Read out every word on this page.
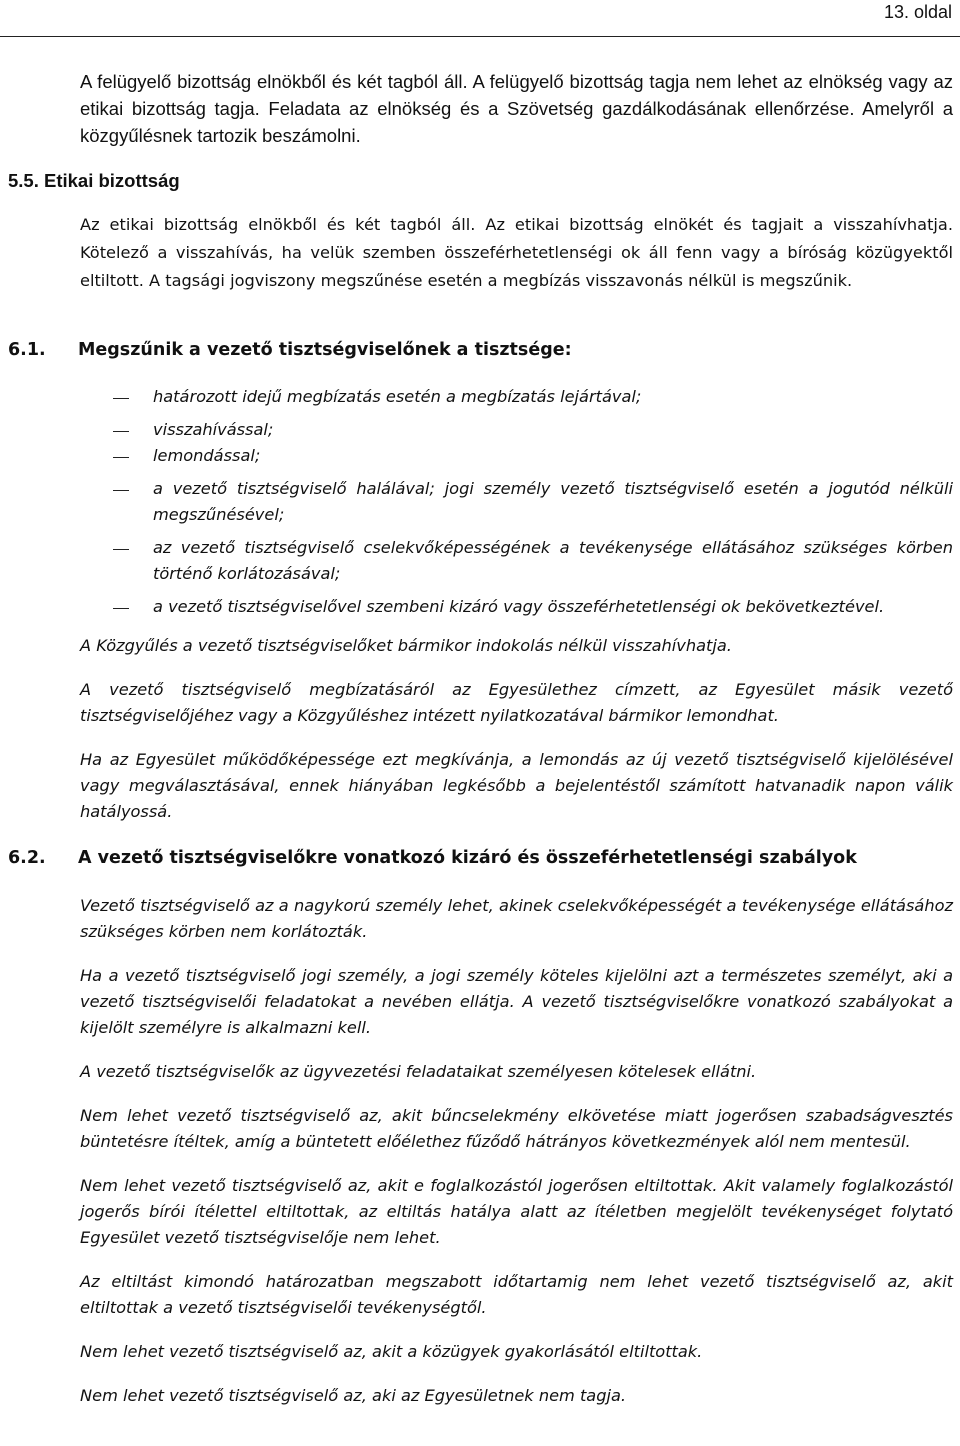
13. oldal

A felügyelő bizottság elnökből és két tagból áll. A felügyelő bizottság tagja nem lehet az elnökség vagy az etikai bizottság tagja. Feladata az elnökség és a Szövetség gazdálkodásának ellenőrzése. Amelyről a közgyűlésnek tartozik beszámolni.

5.5. Etikai bizottság

Az etikai bizottság elnökből és két tagból áll. Az etikai bizottság elnökét és tagjait a visszahívhatja. Kötelező a visszahívás, ha velük szemben összeférhetetlenségi ok áll fenn vagy a bíróság közügyektől eltiltott. A tagsági jogviszony megszűnése esetén a megbízás visszavonás nélkül is megszűnik.

6.1. Megszűnik a vezető tisztségviselőnek a tisztsége:
határozott idejű megbízatás esetén a megbízatás lejártával;
visszahívással;
lemondással;
a vezető tisztségviselő halálával; jogi személy vezető tisztségviselő esetén a jogutód nélküli megszűnésével;
az vezető tisztségviselő cselekvőképességének a tevékenysége ellátásához szükséges körben történő korlátozásával;
a vezető tisztségviselővel szembeni kizáró vagy összeférhetetlenségi ok bekövetkeztével.

A Közgyűlés a vezető tisztségviselőket bármikor indokolás nélkül visszahívhatja.

A vezető tisztségviselő megbízatásáról az Egyesülethez címzett, az Egyesület másik vezető tisztségviselőjéhez vagy a Közgyűléshez intézett nyilatkozatával bármikor lemondhat.

Ha az Egyesület működőképessége ezt megkívánja, a lemondás az új vezető tisztségviselő kijelölésével vagy megválasztásával, ennek hiányában legkésőbb a bejelentéstől számított hatvanadik napon válik hatályossá.

6.2. A vezető tisztségviselőkre vonatkozó kizáró és összeférhetetlenségi szabályok

Vezető tisztségviselő az a nagykorú személy lehet, akinek cselekvőképességét a tevékenysége ellátásához szükséges körben nem korlátozták.

Ha a vezető tisztségviselő jogi személy, a jogi személy köteles kijelölni azt a természetes személyt, aki a vezető tisztségviselői feladatokat a nevében ellátja. A vezető tisztségviselőkre vonatkozó szabályokat a kijelölt személyre is alkalmazni kell.

A vezető tisztségviselők az ügyvezetési feladataikat személyesen kötelesek ellátni.

Nem lehet vezető tisztségviselő az, akit bűncselekmény elkövetése miatt jogerősen szabadságvesztés büntetésre ítéltek, amíg a büntetett előélethez fűződő hátrányos következmények alól nem mentesül.

Nem lehet vezető tisztségviselő az, akit e foglalkozástól jogerősen eltiltottak. Akit valamely foglalkozástól jogerős bírói ítélettel eltiltottak, az eltiltás hatálya alatt az ítéletben megjelölt tevékenységet folytató Egyesület vezető tisztségviselője nem lehet.

Az eltiltást kimondó határozatban megszabott időtartamig nem lehet vezető tisztségviselő az, akit eltiltottak a vezető tisztségviselői tevékenységtől.

Nem lehet vezető tisztségviselő az, akit a közügyek gyakorlásától eltiltottak.

Nem lehet vezető tisztségviselő az, aki az Egyesületnek nem tagja.
